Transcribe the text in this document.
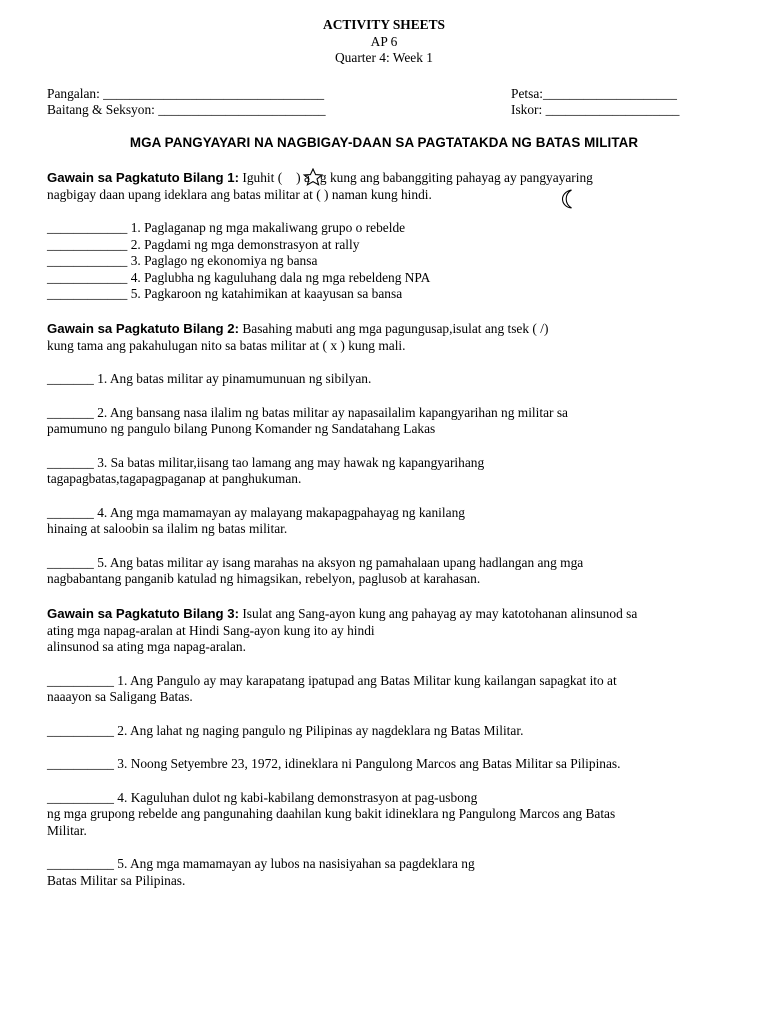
ACTIVITY SHEETS
AP 6
Quarter 4: Week 1
Pangalan: _________________________________
Baitang & Seksyon: _________________________
Petsa:____________________
Iskor: ____________________
MGA PANGYAYARI NA NAGBIGAY-DAAN SA PAGTATAKDA NG BATAS MILITAR
Gawain sa Pagkatuto Bilang 1: Iguhit ( ) a g kung ang babanggiting pahayag ay pangyayaring
nagbigay daan upang ideklara ang batas militar at ( ) naman kung hindi.
____________ 1. Paglaganap ng mga makaliwang grupo o rebelde
____________ 2. Pagdami ng mga demonstrasyon at rally
____________ 3. Paglago ng ekonomiya ng bansa
____________ 4. Paglubha ng kaguluhang dala ng mga rebeldeng NPA
____________ 5. Pagkaroon ng katahimikan at kaayusan sa bansa
Gawain sa Pagkatuto Bilang 2: Basahing mabuti ang mga pagungusap,isulat ang tsek ( /)
kung tama ang pakahulugan nito sa batas militar at ( x ) kung mali.
_______ 1. Ang batas militar ay pinamumunuan ng sibilyan.
_______ 2. Ang bansang nasa ilalim ng batas militar ay napasailalim kapangyarihan ng militar sa
pamumuno ng pangulo bilang Punong Komander ng Sandatahang Lakas
_______ 3. Sa batas militar,iisang tao lamang ang may hawak ng kapangyarihang
tagapagbatas,tagapagpaganap at panghukuman.
_______ 4. Ang mga mamamayan ay malayang makapagpahayag ng kanilang
hinaing at saloobin sa ilalim ng batas militar.
_______ 5. Ang batas militar ay isang marahas na aksyon ng pamahalaan upang hadlangan ang mga
nagbabantang panganib katulad ng himagsikan, rebelyon, paglusob at karahasan.
Gawain sa Pagkatuto Bilang 3: Isulat ang Sang-ayon kung ang pahayag ay may katotohanan alinsunod sa
ating mga napag-aralan at Hindi Sang-ayon kung ito ay hindi
alinsunod sa ating mga napag-aralan.
__________ 1. Ang Pangulo ay may karapatang ipatupad ang Batas Militar kung kailangan sapagkat ito at
naaayon sa Saligang Batas.
__________ 2. Ang lahat ng naging pangulo ng Pilipinas ay nagdeklara ng Batas Militar.
__________ 3. Noong Setyembre 23, 1972, idineklara ni Pangulong Marcos ang Batas Militar sa Pilipinas.
__________ 4. Kaguluhan dulot ng kabi-kabilang demonstrasyon at pag-usbong
ng mga grupong rebelde ang pangunahing daahilan kung bakit idineklara ng Pangulong Marcos ang Batas
Militar.
__________ 5. Ang mga mamamayan ay lubos na nasisiyahan sa pagdeklara ng
Batas Militar sa Pilipinas.
